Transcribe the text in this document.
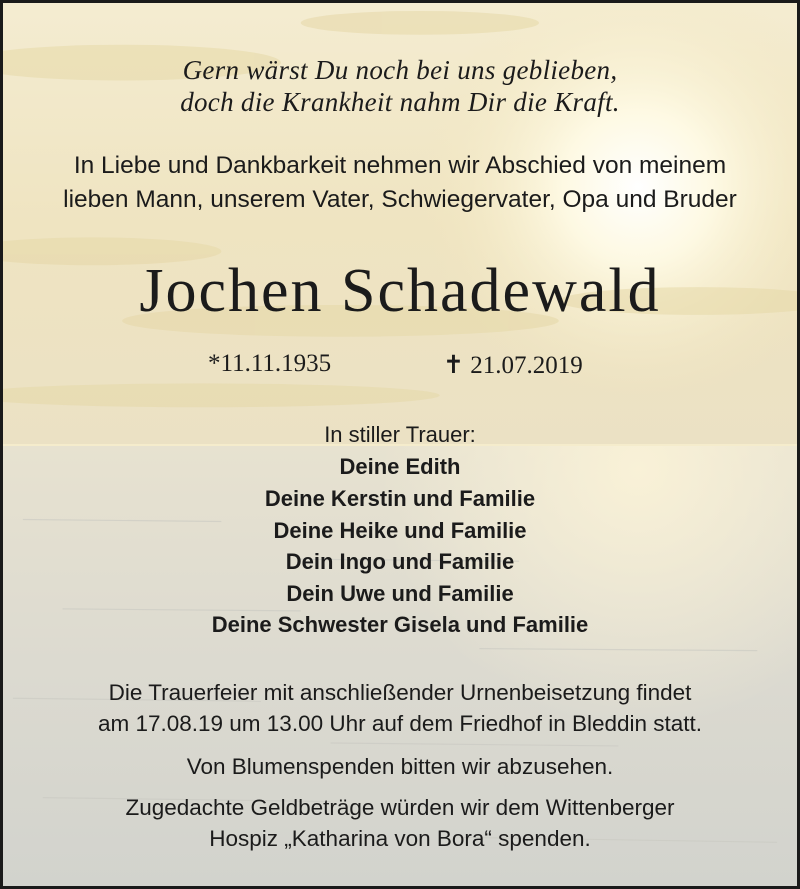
Gern wärst Du noch bei uns geblieben,
doch die Krankheit nahm Dir die Kraft.
In Liebe und Dankbarkeit nehmen wir Abschied von meinem
lieben Mann, unserem Vater, Schwiegervater, Opa und Bruder
Jochen Schadewald
*11.11.1935	✝ 21.07.2019
In stiller Trauer:
Deine Edith
Deine Kerstin und Familie
Deine Heike und Familie
Dein Ingo und Familie
Dein Uwe und Familie
Deine Schwester Gisela und Familie
Die Trauerfeier mit anschließender Urnenbeisetzung findet
am 17.08.19 um 13.00 Uhr auf dem Friedhof in Bleddin statt.
Von Blumenspenden bitten wir abzusehen.
Zugedachte Geldbeträge würden wir dem Wittenberger
Hospiz „Katharina von Bora“ spenden.
